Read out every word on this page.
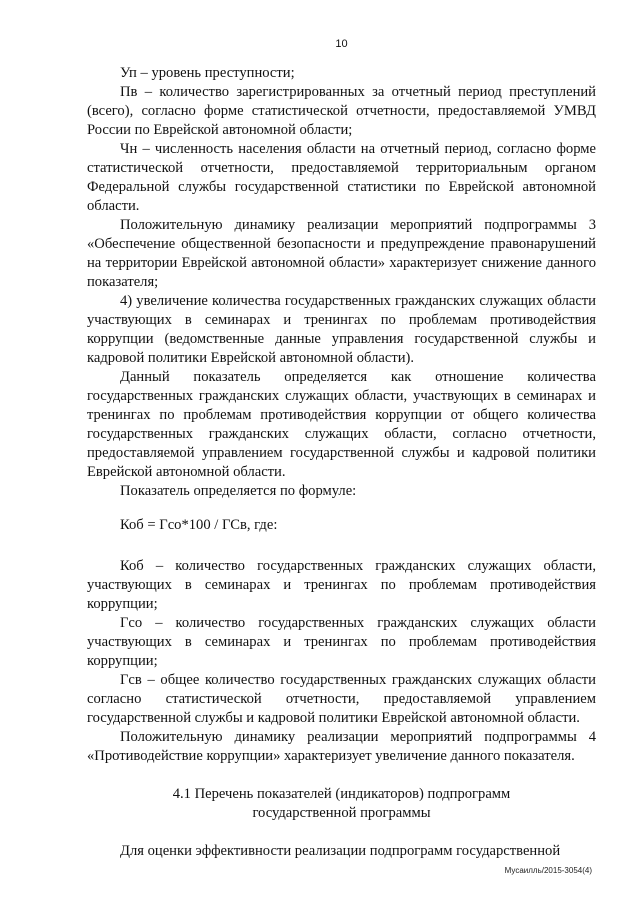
10

Уп – уровень преступности;

Пв – количество зарегистрированных за отчетный период преступлений (всего), согласно форме статистической отчетности, предоставляемой УМВД России по Еврейской автономной области;

Чн – численность населения области на отчетный период, согласно форме статистической отчетности, предоставляемой территориальным органом Федеральной службы государственной статистики по Еврейской автономной области.

Положительную динамику реализации мероприятий подпрограммы 3 «Обеспечение общественной безопасности и предупреждение правонарушений на территории Еврейской автономной области» характеризует снижение данного показателя;

4) увеличение количества государственных гражданских служащих области участвующих в семинарах и тренингах по проблемам противодействия коррупции (ведомственные данные управления государственной службы и кадровой политики Еврейской автономной области).

Данный показатель определяется как отношение количества государственных гражданских служащих области, участвующих в семинарах и тренингах по проблемам противодействия коррупции от общего количества государственных гражданских служащих области, согласно отчетности, предоставляемой управлением государственной службы и кадровой политики Еврейской автономной области.

Показатель определяется по формуле:

Коб = Гсо*100 / ГСв, где:

Коб – количество государственных гражданских служащих области, участвующих в семинарах и тренингах по проблемам противодействия коррупции;

Гсо – количество государственных гражданских служащих области участвующих в семинарах и тренингах по проблемам противодействия коррупции;

Гсв – общее количество государственных гражданских служащих области согласно статистической отчетности, предоставляемой управлением государственной службы и кадровой политики Еврейской автономной области.

Положительную динамику реализации мероприятий подпрограммы 4 «Противодействие коррупции» характеризует увеличение данного показателя.

4.1 Перечень показателей (индикаторов) подпрограмм
государственной программы

Для оценки эффективности реализации подпрограмм государственной

Мусаилль/2015-3054(4)
